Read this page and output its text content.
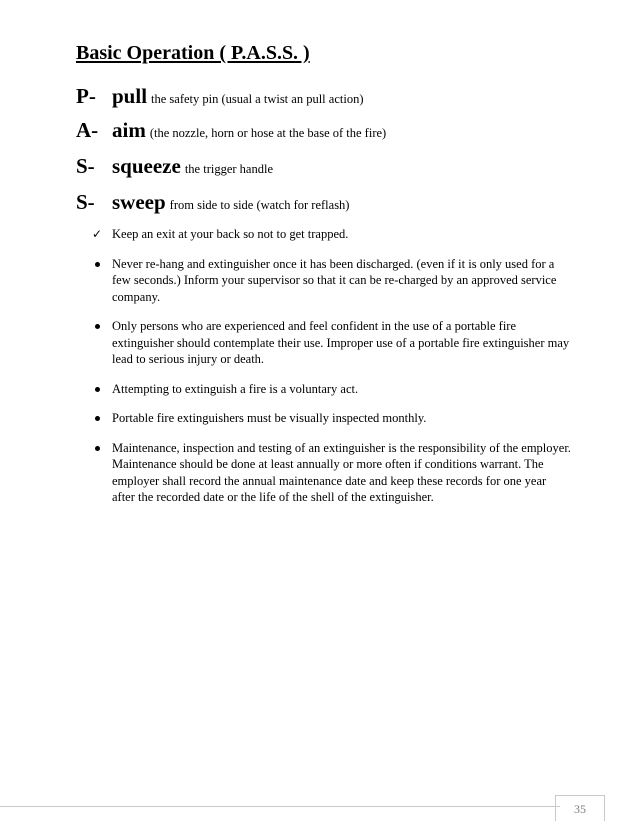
Basic Operation ( P.A.S.S. )
P- pull the safety pin (usual a twist an pull action)
A- aim (the nozzle, horn or hose at the base of the fire)
S- squeeze the trigger handle
S- sweep from side to side (watch for reflash)
✓ Keep an exit at your back so not to get trapped.
Never re-hang and extinguisher once it has been discharged. (even if it is only used for a few seconds.) Inform your supervisor so that it can be re-charged by an approved service company.
Only persons who are experienced and feel confident in the use of a portable fire extinguisher should contemplate their use. Improper use of a portable fire extinguisher may lead to serious injury or death.
Attempting to extinguish a fire is a voluntary act.
Portable fire extinguishers must be visually inspected monthly.
Maintenance, inspection and testing of an extinguisher is the responsibility of the employer. Maintenance should be done at least annually or more often if conditions warrant. The employer shall record the annual maintenance date and keep these records for one year after the recorded date or the life of the shell of the extinguisher.
35
